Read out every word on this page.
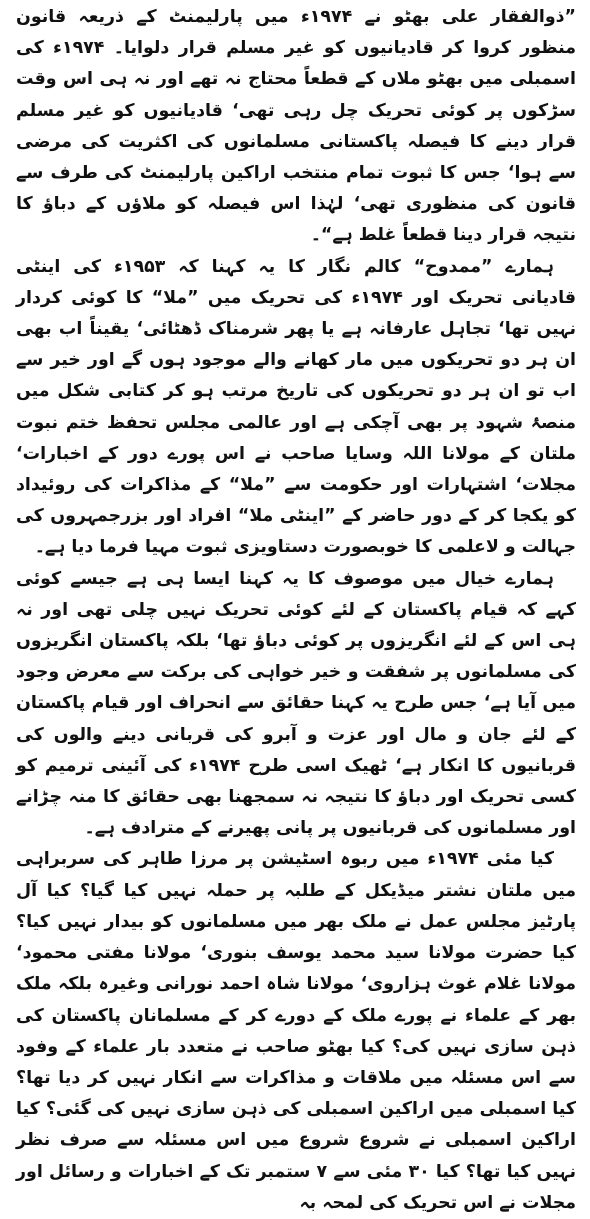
”ذوالفقار علی بھٹو نے ۱۹۷۴ء میں پارلیمنٹ کے ذریعہ قانون منظور کروا کر قادیانیوں کو غیر مسلم قرار دلوایا۔ ۱۹۷۴ء کی اسمبلی میں بھٹو ملاں کے قطعاً محتاج نہ تھے اور نہ ہی اس وقت سڑکوں پر کوئی تحریک چل رہی تھی‘ قادیانیوں کو غیر مسلم قرار دینے کا فیصلہ پاکستانی مسلمانوں کی اکثریت کی مرضی سے ہوا‘ جس کا ثبوت تمام منتخب اراکین پارلیمنٹ کی طرف سے قانون کی منظوری تھی‘ لہٰذا اس فیصلہ کو ملاؤں کے دباؤ کا نتیجہ قرار دینا قطعاً غلط ہے“۔

ہمارے ”ممدوح“ کالم نگار کا یہ کہنا کہ ۱۹۵۳ء کی اینٹی قادیانی تحریک اور ۱۹۷۴ء کی تحریک میں ”ملا“ کا کوئی کردار نہیں تھا‘ تجاہل عارفانہ ہے یا پھر شرمناک ڈھٹائی‘ یقیناً اب بھی ان ہر دو تحریکوں میں مار کھانے والے موجود ہوں گے اور خیر سے اب تو ان ہر دو تحریکوں کی تاریخ مرتب ہو کر کتابی شکل میں منصۂ شہود پر بھی آچکی ہے اور عالمی مجلس تحفظ ختم نبوت ملتان کے مولانا اللہ وسایا صاحب نے اس پورے دور کے اخبارات‘ مجلات‘ اشتہارات اور حکومت سے ”ملا“ کے مذاکرات کی روئیداد کو یکجا کر کے دور حاضر کے ”اینٹی ملا“ افراد اور بزرجمہروں کی جہالت و لاعلمی کا خوبصورت دستاویزی ثبوت مہیا فرما دیا ہے۔

ہمارے خیال میں موصوف کا یہ کہنا ایسا ہی ہے جیسے کوئی کہے کہ قیام پاکستان کے لئے کوئی تحریک نہیں چلی تھی اور نہ ہی اس کے لئے انگریزوں پر کوئی دباؤ تھا‘ بلکہ پاکستان انگریزوں کی مسلمانوں پر شفقت و خیر خواہی کی برکت سے معرض وجود میں آیا ہے‘ جس طرح یہ کہنا حقائق سے انحراف اور قیام پاکستان کے لئے جان و مال اور عزت و آبرو کی قربانی دینے والوں کی قربانیوں کا انکار ہے‘ ٹھیک اسی طرح ۱۹۷۴ء کی آئینی ترمیم کو کسی تحریک اور دباؤ کا نتیجہ نہ سمجھنا بھی حقائق کا منہ چڑانے اور مسلمانوں کی قربانیوں پر پانی پھیرنے کے مترادف ہے۔

کیا مئی ۱۹۷۴ء میں ربوہ اسٹیشن پر مرزا طاہر کی سربراہی میں ملتان نشتر میڈیکل کے طلبہ پر حملہ نہیں کیا گیا؟ کیا آل پارٹیز مجلس عمل نے ملک بھر میں مسلمانوں کو بیدار نہیں کیا؟ کیا حضرت مولانا سید محمد یوسف بنوری‘ مولانا مفتی محمود‘ مولانا غلام غوث ہزاروی‘ مولانا شاہ احمد نورانی وغیرہ بلکہ ملک بھر کے علماء نے پورے ملک کے دورے کر کے مسلمانان پاکستان کی ذہن سازی نہیں کی؟ کیا بھٹو صاحب نے متعدد بار علماء کے وفود سے اس مسئلہ میں ملاقات و مذاکرات سے انکار نہیں کر دیا تھا؟ کیا اسمبلی میں اراکین اسمبلی کی ذہن سازی نہیں کی گئی؟ کیا اراکین اسمبلی نے شروع شروع میں اس مسئلہ سے صرف نظر نہیں کیا تھا؟ کیا ۳۰ مئی سے ۷ ستمبر تک کے اخبارات و رسائل اور مجلات نے اس تحریک کی لمحہ بہ
